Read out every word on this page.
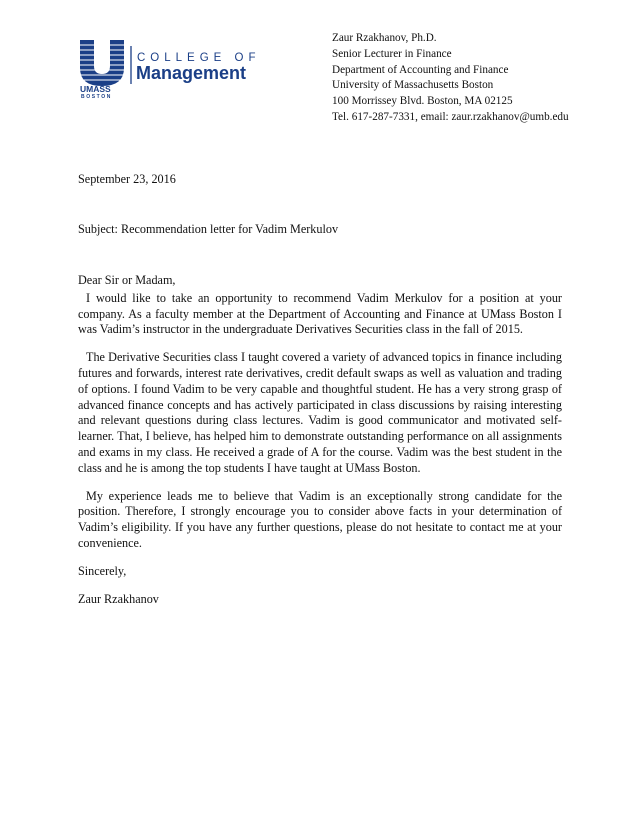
UMASS
BOSTON
COLLEGE OF
Management
Zaur Rzakhanov, Ph.D.
Senior Lecturer in Finance
Department of Accounting and Finance
University of Massachusetts Boston
100 Morrissey Blvd. Boston, MA 02125
Tel. 617-287-7331, email: zaur.rzakhanov@umb.edu
September 23, 2016
Subject: Recommendation letter for Vadim Merkulov

Dear Sir or Madam,

I would like to take an opportunity to recommend Vadim Merkulov for a position at your company. As a faculty member at the Department of Accounting and Finance at UMass Boston I was Vadim’s instructor in the undergraduate Derivatives Securities class in the fall of 2015.

The Derivative Securities class I taught covered a variety of advanced topics in finance including futures and forwards, interest rate derivatives, credit default swaps as well as valuation and trading of options. I found Vadim to be very capable and thoughtful student. He has a very strong grasp of advanced finance concepts and has actively participated in class discussions by raising interesting and relevant questions during class lectures. Vadim is good communicator and motivated self-learner. That, I believe, has helped him to demonstrate outstanding performance on all assignments and exams in my class. He received a grade of A for the course. Vadim was the best student in the class and he is among the top students I have taught at UMass Boston.

My experience leads me to believe that Vadim is an exceptionally strong candidate for the position. Therefore, I strongly encourage you to consider above facts in your determination of Vadim’s eligibility. If you have any further questions, please do not hesitate to contact me at your convenience.

Sincerely,

Zaur Rzakhanov
